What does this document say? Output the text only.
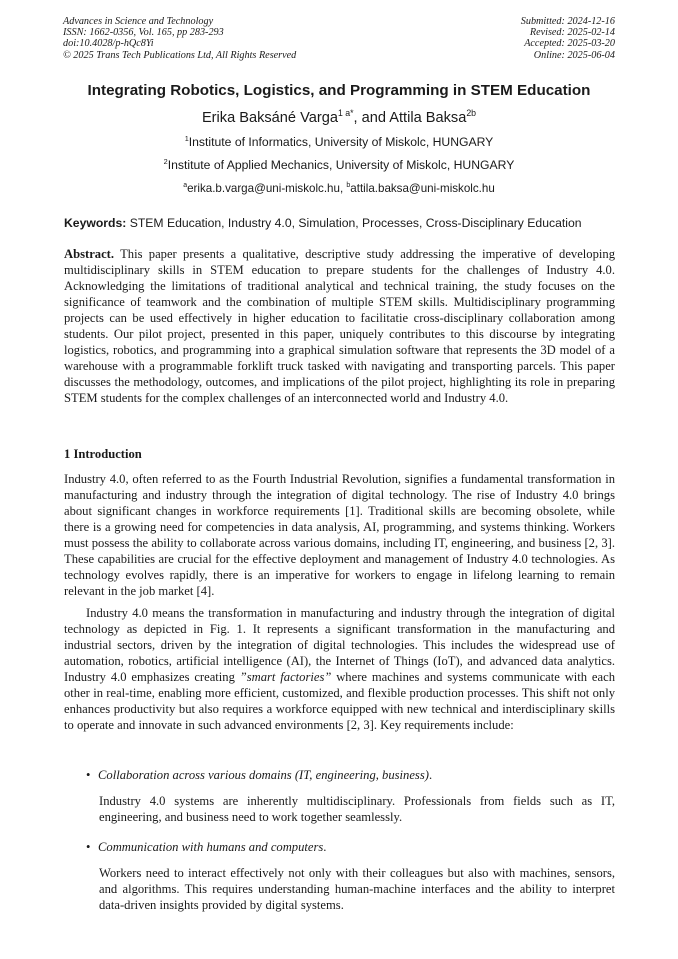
Advances in Science and Technology
ISSN: 1662-0356, Vol. 165, pp 283-293
doi:10.4028/p-hQc8Yi
© 2025 Trans Tech Publications Ltd, All Rights Reserved
Submitted: 2024-12-16
Revised: 2025-02-14
Accepted: 2025-03-20
Online: 2025-06-04
Integrating Robotics, Logistics, and Programming in STEM Education
Erika Baksáné Varga$^{1 a*}$, and Attila Baksa$^{2b}$
$^1$Institute of Informatics, University of Miskolc, HUNGARY
$^2$Institute of Applied Mechanics, University of Miskolc, HUNGARY
$^a$erika.b.varga@uni-miskolc.hu, $^b$attila.baksa@uni-miskolc.hu
Keywords: STEM Education, Industry 4.0, Simulation, Processes, Cross-Disciplinary Education

Abstract. This paper presents a qualitative, descriptive study addressing the imperative of developing multidisciplinary skills in STEM education to prepare students for the challenges of Industry 4.0. Acknowledging the limitations of traditional analytical and technical training, the study focuses on the significance of teamwork and the combination of multiple STEM skills. Multidisciplinary programming projects can be used effectively in higher education to facilitatie cross-disciplinary collaboration among students. Our pilot project, presented in this paper, uniquely contributes to this discourse by integrating logistics, robotics, and programming into a graphical simulation software that represents the 3D model of a warehouse with a programmable forklift truck tasked with navigating and transporting parcels. This paper discusses the methodology, outcomes, and implications of the pilot project, highlighting its role in preparing STEM students for the complex challenges of an interconnected world and Industry 4.0.

1 Introduction

Industry 4.0, often referred to as the Fourth Industrial Revolution, signifies a fundamental transformation in manufacturing and industry through the integration of digital technology. The rise of Industry 4.0 brings about significant changes in workforce requirements [1]. Traditional skills are becoming obsolete, while there is a growing need for competencies in data analysis, AI, programming, and systems thinking. Workers must possess the ability to collaborate across various domains, including IT, engineering, and business [2, 3]. These capabilities are crucial for the effective deployment and management of Industry 4.0 technologies. As technology evolves rapidly, there is an imperative for workers to engage in lifelong learning to remain relevant in the job market [4].

Industry 4.0 means the transformation in manufacturing and industry through the integration of digital technology as depicted in Fig. 1. It represents a significant transformation in the manufacturing and industrial sectors, driven by the integration of digital technologies. This includes the widespread use of automation, robotics, artificial intelligence (AI), the Internet of Things (IoT), and advanced data analytics. Industry 4.0 emphasizes creating ”smart factories” where machines and systems communicate with each other in real-time, enabling more efficient, customized, and flexible production processes. This shift not only enhances productivity but also requires a workforce equipped with new technical and interdisciplinary skills to operate and innovate in such advanced environments [2, 3]. Key requirements include:

• Collaboration across various domains (IT, engineering, business).
Industry 4.0 systems are inherently multidisciplinary. Professionals from fields such as IT, engineering, and business need to work together seamlessly.
• Communication with humans and computers.
Workers need to interact effectively not only with their colleagues but also with machines, sensors, and algorithms. This requires understanding human-machine interfaces and the ability to interpret data-driven insights provided by digital systems.
